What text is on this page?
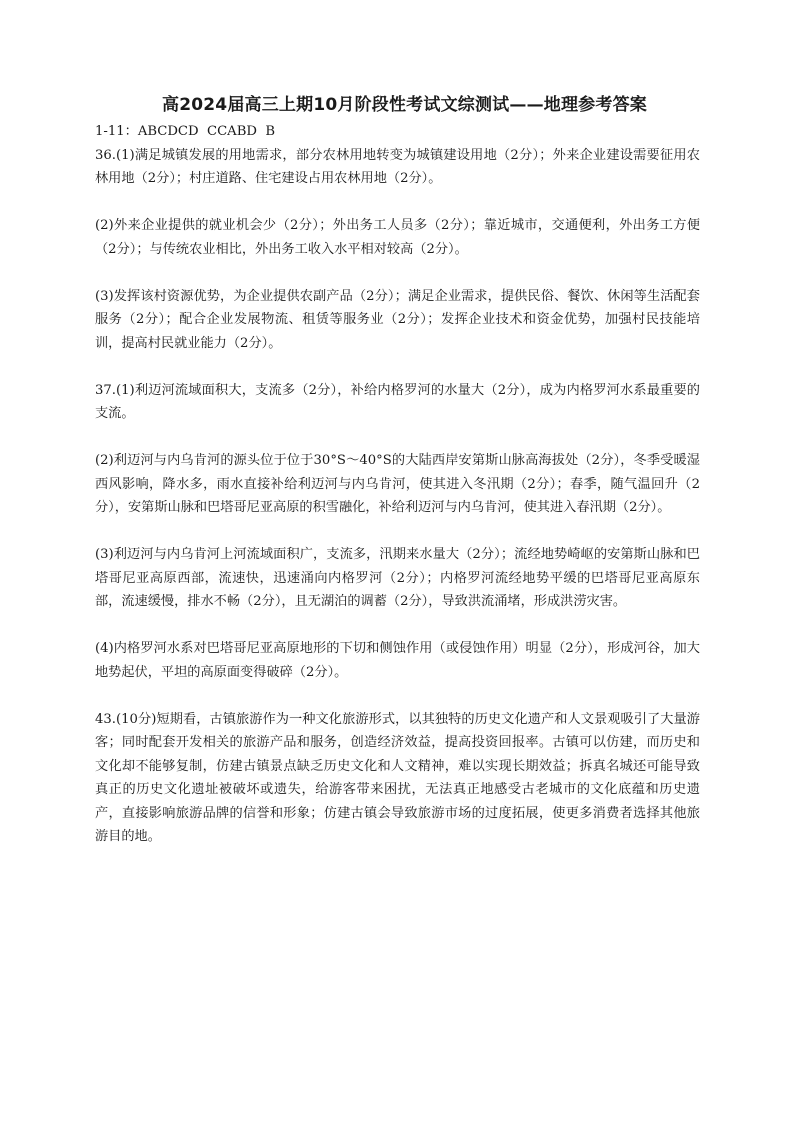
高2024届高三上期10月阶段性考试文综测试——地理参考答案
1-11：ABCDCD  CCABD  B

36.(1)满足城镇发展的用地需求，部分农林用地转变为城镇建设用地（2分）；外来企业建设需要征用农林用地（2分）；村庄道路、住宅建设占用农林用地（2分）。

(2)外来企业提供的就业机会少（2分）；外出务工人员多（2分）；靠近城市，交通便利，外出务工方便（2分）；与传统农业相比，外出务工收入水平相对较高（2分）。

(3)发挥该村资源优势，为企业提供农副产品（2分）；满足企业需求，提供民俗、餐饮、休闲等生活配套服务（2分）；配合企业发展物流、租赁等服务业（2分）；发挥企业技术和资金优势，加强村民技能培训，提高村民就业能力（2分）。

37.(1)利迈河流域面积大，支流多（2分），补给内格罗河的水量大（2分），成为内格罗河水系最重要的支流。

(2)利迈河与内乌肯河的源头位于位于30°S～40°S的大陆西岸安第斯山脉高海拔处（2分），冬季受暖湿西风影响，降水多，雨水直接补给利迈河与内乌肯河，使其进入冬汛期（2分）；春季，随气温回升（2分），安第斯山脉和巴塔哥尼亚高原的积雪融化，补给利迈河与内乌肯河，使其进入春汛期（2分）。

(3)利迈河与内乌肯河上河流域面积广，支流多，汛期来水量大（2分）；流经地势崎岖的安第斯山脉和巴塔哥尼亚高原西部，流速快，迅速涌向内格罗河（2分）；内格罗河流经地势平缓的巴塔哥尼亚高原东部，流速缓慢，排水不畅（2分），且无湖泊的调蓄（2分），导致洪流涌堵，形成洪涝灾害。

(4)内格罗河水系对巴塔哥尼亚高原地形的下切和侧蚀作用（或侵蚀作用）明显（2分），形成河谷，加大地势起伏，平坦的高原面变得破碎（2分）。

43.(10分)短期看，古镇旅游作为一种文化旅游形式，以其独特的历史文化遗产和人文景观吸引了大量游客；同时配套开发相关的旅游产品和服务，创造经济效益，提高投资回报率。古镇可以仿建，而历史和文化却不能够复制，仿建古镇景点缺乏历史文化和人文精神，难以实现长期效益；拆真名城还可能导致真正的历史文化遗址被破坏或遗失，给游客带来困扰，无法真正地感受古老城市的文化底蕴和历史遗产，直接影响旅游品牌的信誉和形象；仿建古镇会导致旅游市场的过度拓展，使更多消费者选择其他旅游目的地。
